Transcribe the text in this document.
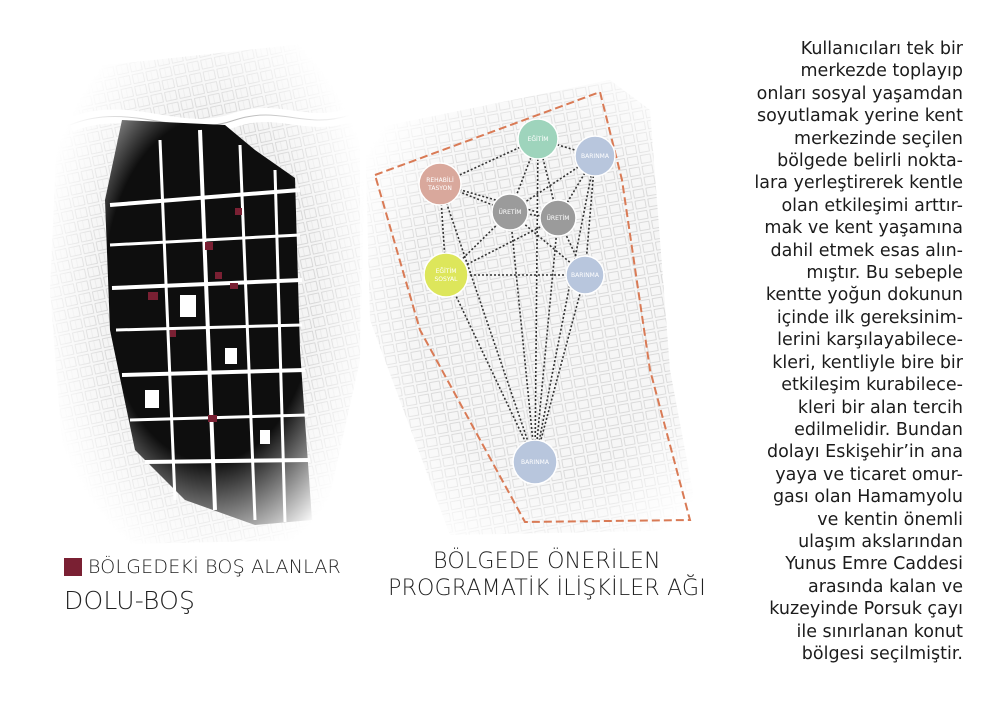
EĞİTİM
BARINMA
REHABİLİ
TASYON
ÜRETİM
ÜRETİM
EĞİTİM
SOSYAL
BARINMA
BARINMA
BÖLGEDEKİ BOŞ ALANLAR
DOLU-BOŞ
BÖLGEDE ÖNERİLEN
PROGRAMATİK İLİŞKİLER AĞI
Kullanıcıları tek bir
merkezde toplayıp
onları sosyal yaşamdan
soyutlamak yerine kent
merkezinde seçilen
bölgede belirli nokta-
lara yerleştirerek kentle
olan etkileşimi arttır-
mak ve kent yaşamına
dahil etmek esas alın-
mıştır. Bu sebeple
kentte yoğun dokunun
içinde ilk gereksinim-
lerini karşılayabilece-
kleri, kentliyle bire bir
etkileşim kurabilece-
kleri bir alan tercih
edilmelidir. Bundan
dolayı Eskişehir’in ana
yaya ve ticaret omur-
gası olan Hamamyolu
ve kentin önemli
ulaşım akslarından
Yunus Emre Caddesi
arasında kalan ve
kuzeyinde Porsuk çayı
ile sınırlanan konut
bölgesi seçilmiştir.
